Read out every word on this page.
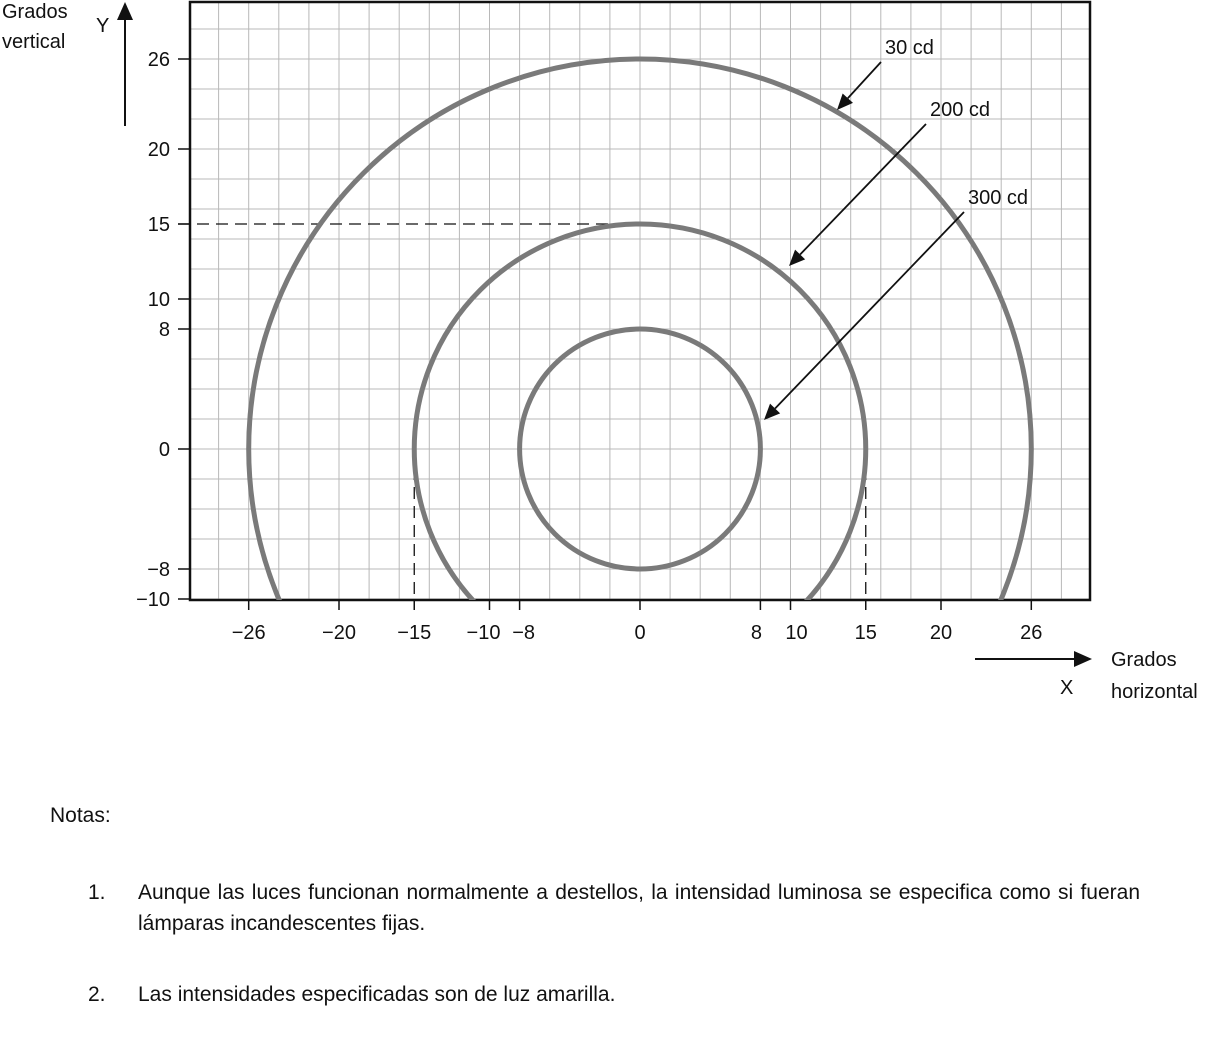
26
20
15
10
8
0
−8
−10
−26	−20 −15 −10 −8	0	8 10 15	20	26
30 cd
200 cd
300 cd
Grados
vertical
Y
Grados
horizontal
X
Notas:
1. Aunque las luces funcionan normalmente a destellos, la intensidad luminosa se especifica como si fueran lámparas incandescentes fijas.
2. Las intensidades especificadas son de luz amarilla.
